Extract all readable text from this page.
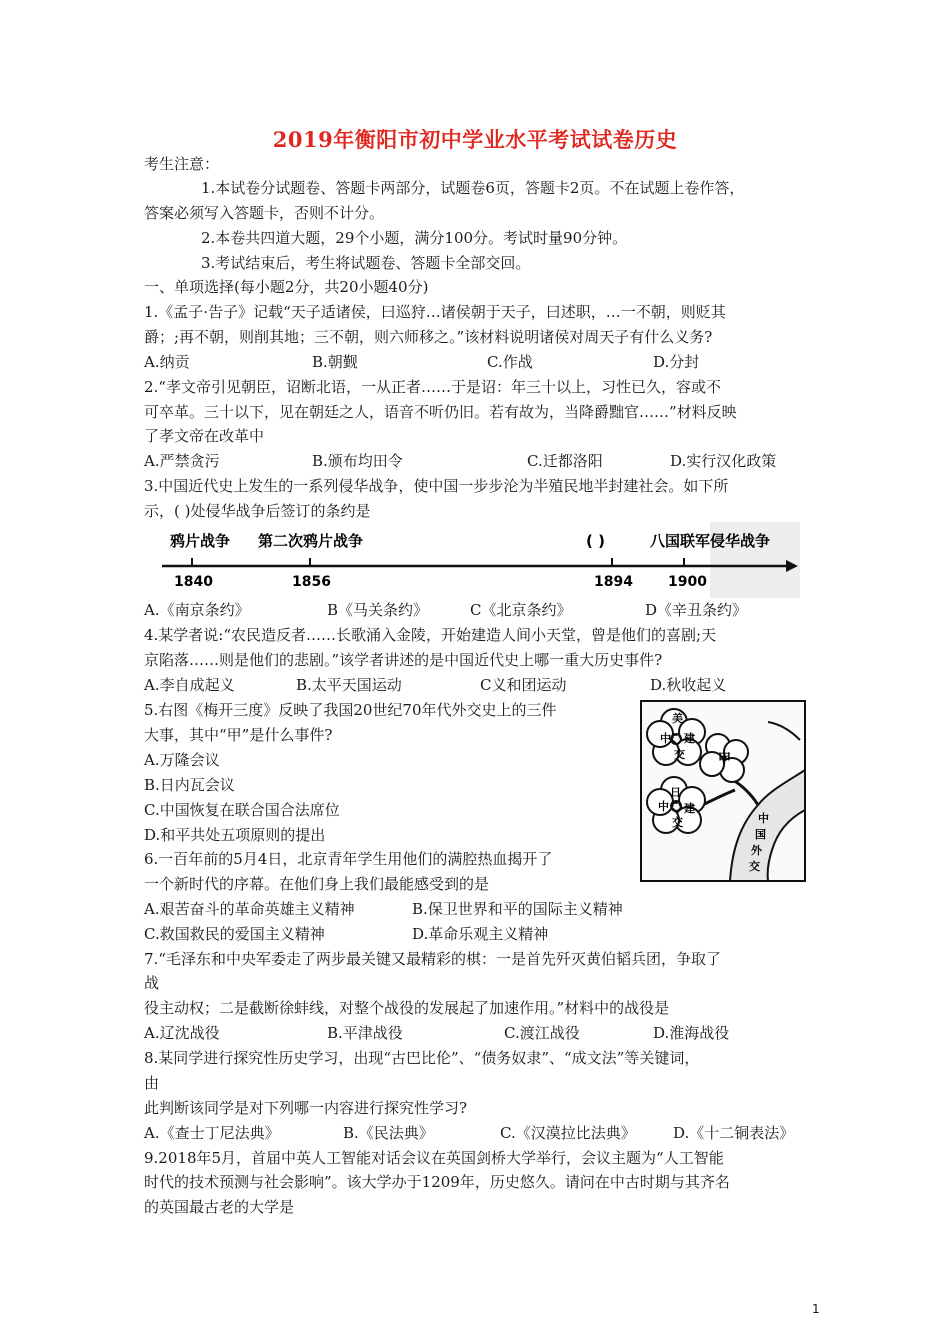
2019年衡阳市初中学业水平考试试卷历史
考生注意：
1.本试卷分试题卷、答题卡两部分，试题卷6页，答题卡2页。不在试题上卷作答，
答案必须写入答题卡，否则不计分。
2.本卷共四道大题，29个小题，满分100分。考试时量90分钟。
3.考试结束后，考生将试题卷、答题卡全部交回。
一、单项选择(每小题2分，共20小题40分)
1.《孟子·告子》记载“天子适诸侯，曰巡狩…诸侯朝于天子，曰述职，…一不朝，则贬其
爵；;再不朝，则削其地；三不朝，则六师移之。”该材料说明诸侯对周天子有什么义务?
A.纳贡	B.朝觐	C.作战	D.分封
2.“孝文帝引见朝臣，诏断北语，一从正者……于是诏：年三十以上，习性已久，容或不
可卒革。三十以下，见在朝廷之人，语音不听仍旧。若有故为，当降爵黜官……”材料反映
了孝文帝在改革中
A.严禁贪污	B.颁布均田令	C.迁都洛阳	D.实行汉化政策
3.中国近代史上发生的一系列侵华战争，使中国一步步沦为半殖民地半封建社会。如下所
示，( )处侵华战争后签订的条约是
鸦片战争 第二次鸦片战争	( )	八国联军侵华战争
1840	1856	1894	1900
A.《南京条约》	B《马关条约》	C《北京条约》	D《辛丑条约》
4.某学者说:“农民造反者……长歌涌入金陵，开始建造人间小天堂，曾是他们的喜剧;天
京陷落……则是他们的悲剧。”该学者讲述的是中国近代史上哪一重大历史事件?
A.李自成起义	B.太平天国运动	C义和团运动	D.秋收起义
5.右图《梅开三度》反映了我国20世纪70年代外交史上的三件
大事，其中“甲”是什么事件?
A.万隆会议
B.日内瓦会议
C.中国恢复在联合国合法席位
D.和平共处五项原则的提出
美
中 建
交	甲
日
中 建
交	中
国
外
交
6.一百年前的5月4日，北京青年学生用他们的满腔热血揭开了
一个新时代的序幕。在他们身上我们最能感受到的是
A.艰苦奋斗的革命英雄主义精神	B.保卫世界和平的国际主义精神
C.救国救民的爱国主义精神	D.革命乐观主义精神
7.“毛泽东和中央军委走了两步最关键又最精彩的棋：一是首先歼灭黄伯韬兵团，争取了
战
役主动权；二是截断徐蚌线，对整个战役的发展起了加速作用。”材料中的战役是
A.辽沈战役	B.平津战役	C.渡江战役	D.淮海战役
8.某同学进行探究性历史学习，出现“古巴比伦”、“债务奴隶”、“成文法”等关键词，
由
此判断该同学是对下列哪一内容进行探究性学习?
A.《查士丁尼法典》	B.《民法典》	C.《汉漠拉比法典》 D.《十二铜表法》
9.2018年5月，首届中英人工智能对话会议在英国剑桥大学举行，会议主题为“人工智能
时代的技术预测与社会影响”。该大学办于1209年，历史悠久。请问在中古时期与其齐名
的英国最古老的大学是
1
